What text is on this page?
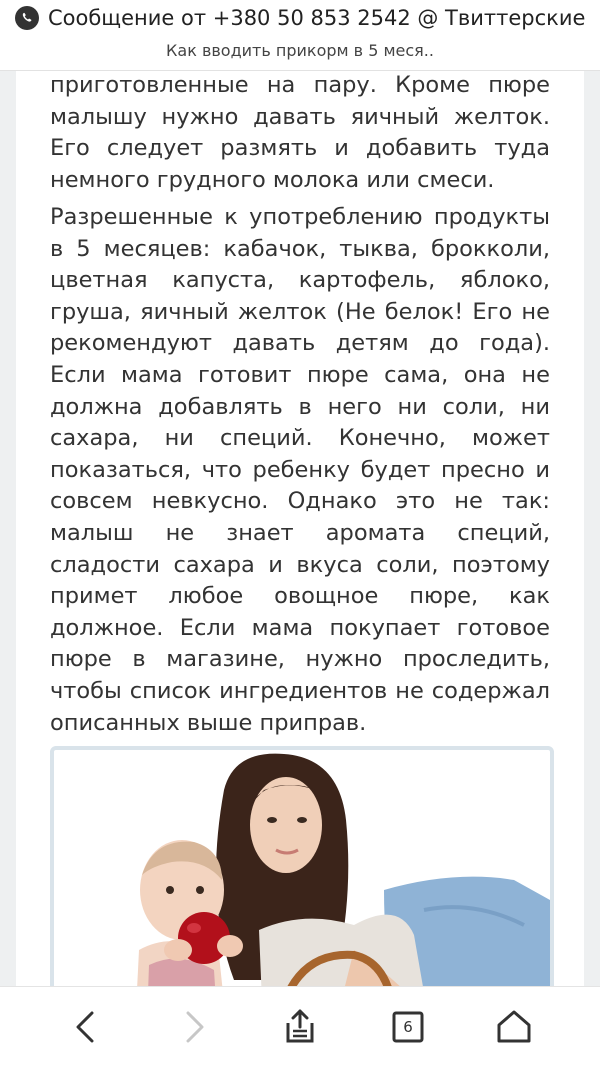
Сообщение от +380 50 853 2542 @ Твиттерские
Как вводить прикорм в 5 меся..

приготовленные на пару. Кроме пюре малышу нужно давать яичный желток. Его следует размять и добавить туда немного грудного молока или смеси.

Разрешенные к употреблению продукты в 5 месяцев: кабачок, тыква, брокколи, цветная капуста, картофель, яблоко, груша, яичный желток (Не белок! Его не рекомендуют давать детям до года). Если мама готовит пюре сама, она не должна добавлять в него ни соли, ни сахара, ни специй. Конечно, может показаться, что ребенку будет пресно и совсем невкусно. Однако это не так: малыш не знает аромата специй, сладости сахара и вкуса соли, поэтому примет любое овощное пюре, как должное. Если мама покупает готовое пюре в магазине, нужно проследить, чтобы список ингредиентов не содержал описанных выше приправ.

6
